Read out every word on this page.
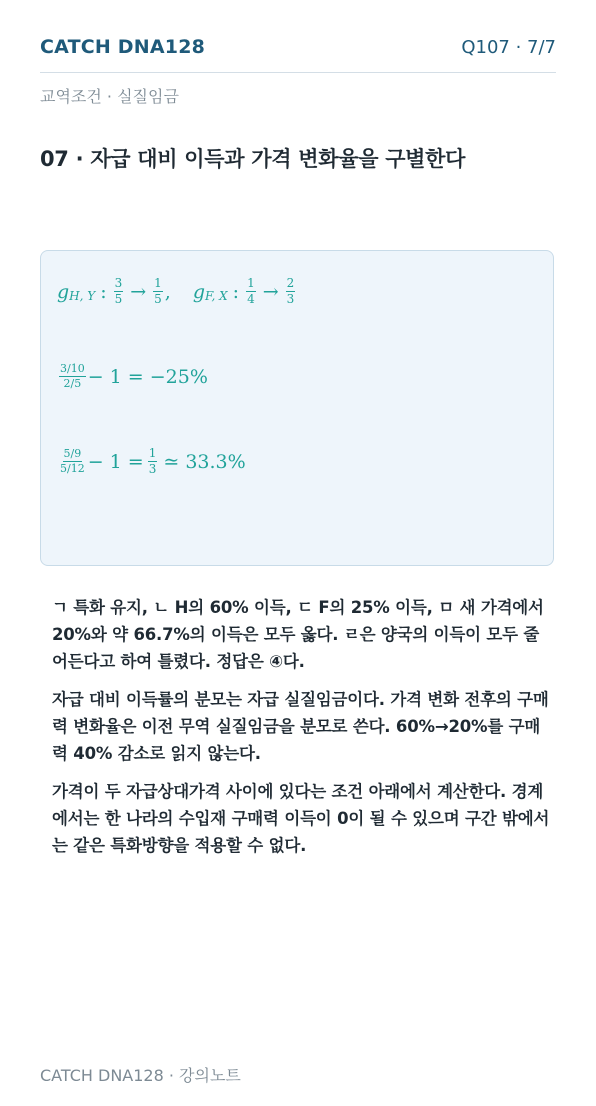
CATCH DNA128	Q107 · 7/7
교역조건 · 실질임금
07 · 자급 대비 이득과 가격 변화율을 구별한다
g H, Y : $\frac{3}{5} \to \frac{1}{5}$ , g F, X : $\frac{1}{4} \to \frac{2}{3}$
$\frac{3/10}{2/5} - 1 = -25\%$
$\frac{5/9}{5/12} - 1 = \frac{1}{3}$ ≃ 33.3%
ㄱ 특화 유지, ㄴ H의 60% 이득, ㄷ F의 25% 이득, ㅁ 새 가격에서 20%와 약 66.7%의 이득은 모두 옳다. ㄹ은 양국의 이득이 모두 줄어든다고 하여 틀렸다. 정답은 ④다.
자급 대비 이득률의 분모는 자급 실질임금이다. 가격 변화 전후의 구매력 변화율은 이전 무역 실질임금을 분모로 쓴다. 60%→20%를 구매력 40% 감소로 읽지 않는다.
가격이 두 자급상대가격 사이에 있다는 조건 아래에서 계산한다. 경계에서는 한 나라의 수입재 구매력 이득이 0이 될 수 있으며 구간 밖에서는 같은 특화방향을 적용할 수 없다.
CATCH DNA128 · 강의노트
